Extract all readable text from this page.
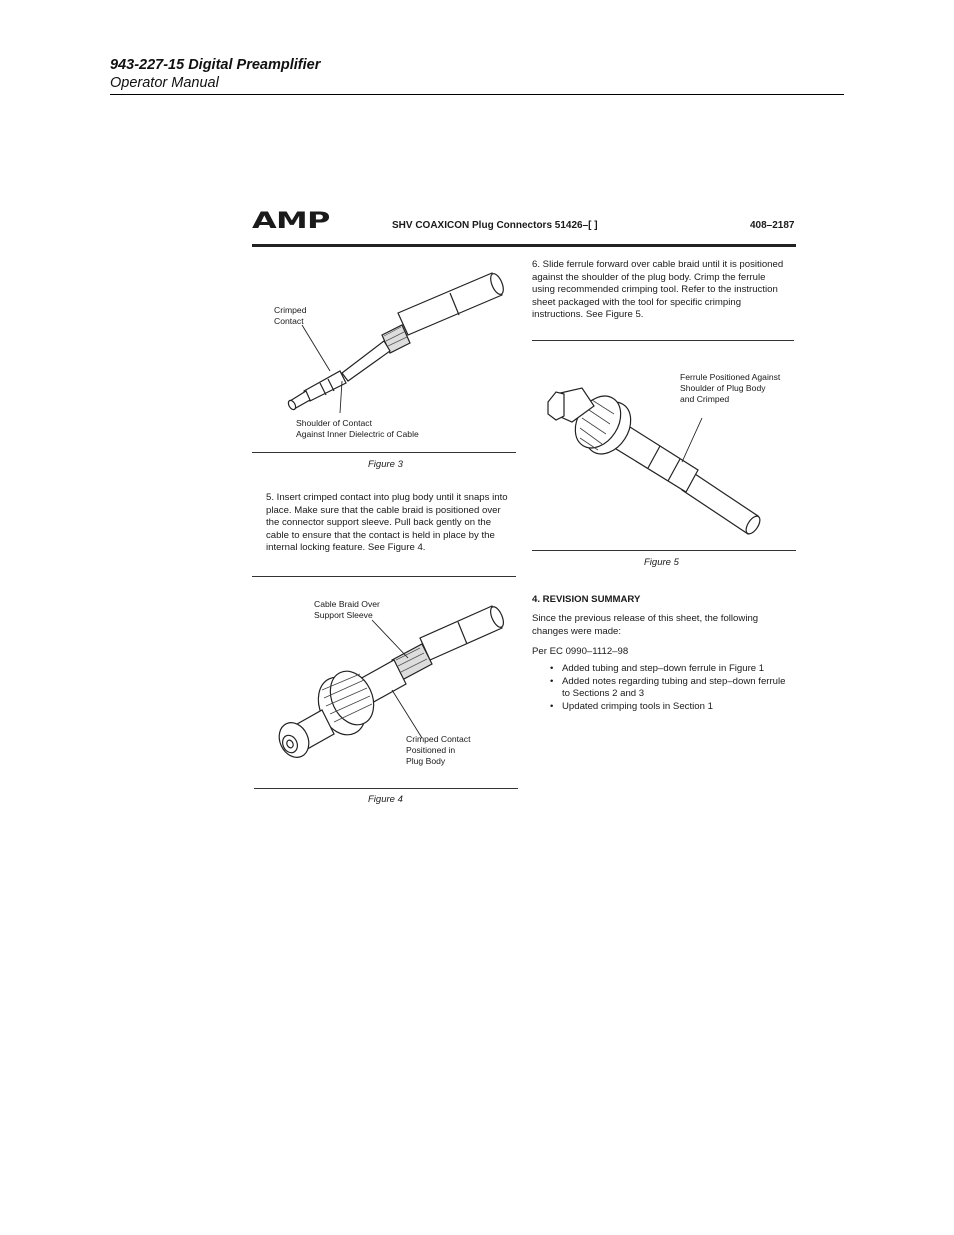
943-227-15 Digital Preamplifier
Operator Manual
AMP	SHV COAXICON Plug Connectors 51426–[ ]	408–2187
Crimped
Contact
Shoulder of Contact
Against Inner Dielectric of Cable
Figure 3
5. Insert crimped contact into plug body until it snaps into place. Make sure that the cable braid is positioned over the connector support sleeve. Pull back gently on the cable to ensure that the contact is held in place by the internal locking feature. See Figure 4.
Cable Braid Over
Support Sleeve
Crimped Contact
Positioned in
Plug Body
Figure 4
6. Slide ferrule forward over cable braid until it is positioned against the shoulder of the plug body. Crimp the ferrule using recommended crimping tool. Refer to the instruction sheet packaged with the tool for specific crimping instructions. See Figure 5.
Ferrule Positioned Against
Shoulder of Plug Body
and Crimped
Figure 5
4. REVISION SUMMARY
Since the previous release of this sheet, the following changes were made:
Per EC 0990–1112–98
• Added tubing and step–down ferrule in Figure 1
• Added notes regarding tubing and step–down ferrule to Sections 2 and 3
• Updated crimping tools in Section 1
